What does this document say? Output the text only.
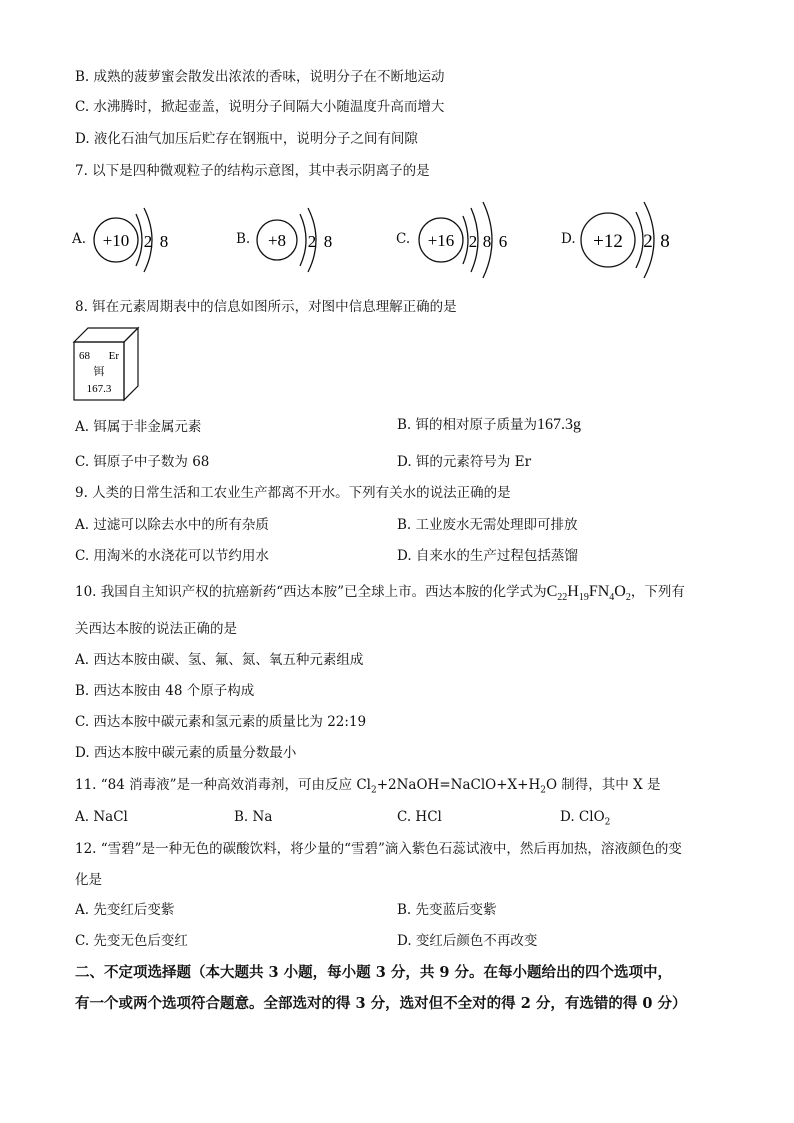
B. 成熟的菠萝蜜会散发出浓浓的香味，说明分子在不断地运动
C. 水沸腾时，掀起壶盖，说明分子间隔大小随温度升高而增大
D. 液化石油气加压后贮存在钢瓶中，说明分子之间有间隙
7. 以下是四种微观粒子的结构示意图，其中表示阴离子的是
A. +10 2 8	B. +8 2 8	C. +16 2 8 6	D. +12 2 8
8. 铒在元素周期表中的信息如图所示，对图中信息理解正确的是
68 Er
铒
167.3
A. 铒属于非金属元素	B. 铒的相对原子质量为167.3g
C. 铒原子中子数为 68	D. 铒的元素符号为 Er
9. 人类的日常生活和工农业生产都离不开水。下列有关水的说法正确的是
A. 过滤可以除去水中的所有杂质	B. 工业废水无需处理即可排放
C. 用淘米的水浇花可以节约用水	D. 自来水的生产过程包括蒸馏
10. 我国自主知识产权的抗癌新药“西达本胺”已全球上市。西达本胺的化学式为$C_{22}H_{19}FN_4O_2$，下列有
关西达本胺的说法正确的是
A. 西达本胺由碳、氢、氟、氮、氧五种元素组成
B. 西达本胺由 48 个原子构成
C. 西达本胺中碳元素和氢元素的质量比为 22:19
D. 西达本胺中碳元素的质量分数最小
11. “84 消毒液”是一种高效消毒剂，可由反应 $Cl_2+2NaOH=NaClO+X+H_2O$ 制得，其中 X 是
A. NaCl	B. Na	C. HCl	D. ClO$_2$
12. “雪碧”是一种无色的碳酸饮料，将少量的“雪碧”滴入紫色石蕊试液中，然后再加热，溶液颜色的变
化是
A. 先变红后变紫	B. 先变蓝后变紫
C. 先变无色后变红	D. 变红后颜色不再改变
二、不定项选择题（本大题共 3 小题，每小题 3 分，共 9 分。在每小题给出的四个选项中，
有一个或两个选项符合题意。全部选对的得 3 分，选对但不全对的得 2 分，有选错的得 0 分）
